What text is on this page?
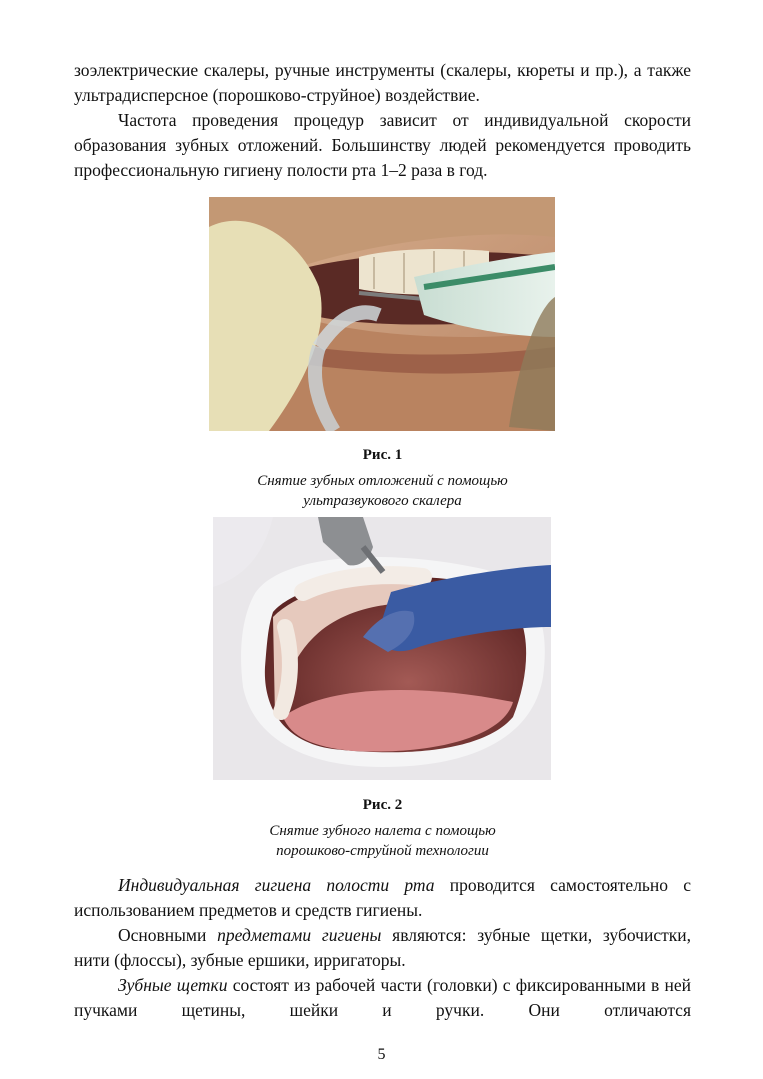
зоэлектрические скалеры, ручные инструменты (скалеры, кюреты и пр.), а также ультрадисперсное (порошково-струйное) воздействие.

Частота проведения процедур зависит от индивидуальной скорости образования зубных отложений. Большинству людей рекомендуется проводить профессиональную гигиену полости рта 1–2 раза в год.

Рис. 1
Снятие зубных отложений с помощью
ультразвукового скалера
Рис. 2
Снятие зубного налета с помощью
порошково-струйной технологии

Индивидуальная гигиена полости рта проводится самостоятельно с использованием предметов и средств гигиены.

Основными предметами гигиены являются: зубные щетки, зубочистки, нити (флоссы), зубные ершики, ирригаторы.

Зубные щетки состоят из рабочей части (головки) с фиксированными в ней пучками щетины, шейки и ручки. Они отличаются

5
